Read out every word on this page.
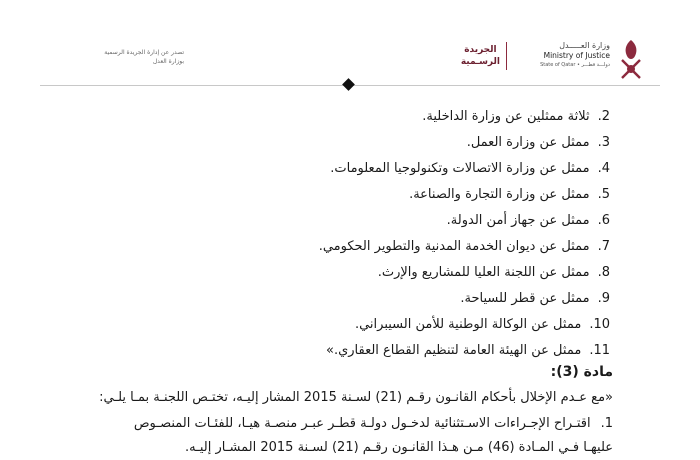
وزارة العـــــدل
Ministry of Justice
State of Qatar • دولـــة قطـــر
الجريدة
الرسـمية
تصدر عن إدارة الجريدة الرسمية
بوزارة العدل
2.ثلاثة ممثلين عن وزارة الداخلية.
3.ممثل عن وزارة العمل.
4.ممثل عن وزارة الاتصالات وتكنولوجيا المعلومات.
5.ممثل عن وزارة التجارة والصناعة.
6.ممثل عن جهاز أمن الدولة.
7.ممثل عن ديوان الخدمة المدنية والتطوير الحكومي.
8.ممثل عن اللجنة العليا للمشاريع والإرث.
9.ممثل عن قطر للسياحة.
10.ممثل عن الوكالة الوطنية للأمن السيبراني.
11.ممثل عن الهيئة العامة لتنظيم القطاع العقاري.»
مادة (3):
«مع عـدم الإخلال بأحكام القانـون رقـم (21) لسـنة 2015 المشار إليـه، تختـص اللجنـة بمـا يلـي:
1.اقتـراح الإجـراءات الاسـتثنائية لدخـول دولـة قطـر عبـر منصـة هيـا، للفئـات المنصـوص
عليهـا فـي المـادة (46) مـن هـذا القانـون رقـم (21) لسـنة 2015 المشـار إليـه.
